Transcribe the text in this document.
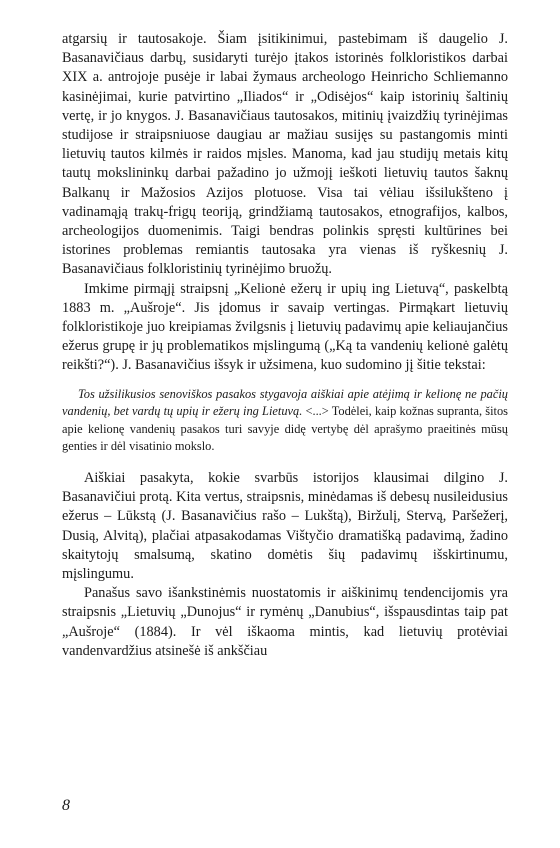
atgarsių ir tautosakoje. Šiam įsitikinimui, pastebimam iš daugelio J. Basanavičiaus darbų, susidaryti turėjo įtakos istorinės folkloristikos darbai XIX a. antrojoje pusėje ir labai žymaus archeologo Heinricho Schliemanno kasinėjimai, kurie patvirtino „Iliados“ ir „Odisėjos“ kaip istorinių šaltinių vertę, ir jo knygos. J. Basanavičiaus tautosakos, mitinių įvaizdžių tyrinėjimas studijose ir straipsniuose daugiau ar mažiau susijęs su pastangomis minti lietuvių tautos kilmės ir raidos mįsles. Manoma, kad jau studijų metais kitų tautų mokslininkų darbai pažadino jo užmojį ieškoti lietuvių tautos šaknų Balkanų ir Mažosios Azijos plotuose. Visa tai vėliau išsilukšteno į vadinamąją trakų-frigų teoriją, grindžiamą tautosakos, etnografijos, kalbos, archeologijos duomenimis. Taigi bendras polinkis spręsti kultūrines bei istorines problemas remiantis tautosaka yra vienas iš ryškesnių J. Basanavičiaus folkloristinių tyrinėjimo bruožų.

Imkime pirmąjį straipsnį „Kelionė ežerų ir upių ing Lietuvą“, paskelbtą 1883 m. „Aušroje“. Jis įdomus ir savaip vertingas. Pirmąkart lietuvių folkloristikoje juo kreipiamas žvilgsnis į lietuvių padavimų apie keliaujančius ežerus grupę ir jų problematikos mįslingumą („Ką ta vandenių kelionė galėtų reikšti?“). J. Basanavičius išsyk ir užsimena, kuo sudomino jį šitie tekstai:

Tos užsilikusios senoviškos pasakos stygavoja aiškiai apie atėjimą ir kelionę ne pačių vandenių, bet vardų tų upių ir ežerų ing Lietuvą. <...> Todėlei, kaip kožnas supranta, šitos apie kelionę vandenių pasakos turi savyje didę vertybę dėl aprašymo praeitinės mūsų genties ir dėl visatinio mokslo.

Aiškiai pasakyta, kokie svarbūs istorijos klausimai dilgino J. Basanavičiui protą. Kita vertus, straipsnis, minėdamas iš debesų nusileidusius ežerus – Lūkstą (J. Basanavičius rašo – Lukštą), Biržulį, Stervą, Paršežerį, Dusią, Alvitą), plačiai atpasakodamas Vištyčio dramatišką padavimą, žadino skaitytojų smalsumą, skatino domėtis šių padavimų išskirtinumu, mįslingumu.

Panašus savo išankstinėmis nuostatomis ir aiškinimų tendencijomis yra straipsnis „Lietuvių „Dunojus“ ir rymėnų „Danubius“, išspausdintas taip pat „Aušroje“ (1884). Ir vėl iškaoma mintis, kad lietuvių protėviai vandenvardžius atsinešė iš ankščiau

8
